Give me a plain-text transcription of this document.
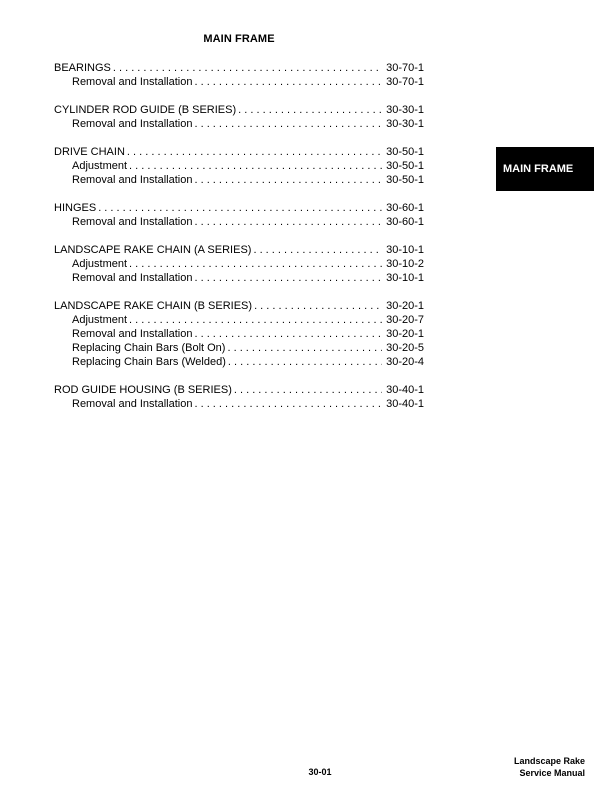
MAIN FRAME
BEARINGS . . .	30-70-1
Removal and Installation . . .	30-70-1
CYLINDER ROD GUIDE (B SERIES) . . .	30-30-1
Removal and Installation . . .	30-30-1
DRIVE CHAIN . . .	30-50-1
Adjustment . . .	30-50-1
Removal and Installation . . .	30-50-1
HINGES . . .	30-60-1
Removal and Installation . . .	30-60-1
LANDSCAPE RAKE CHAIN (A SERIES) . . .	30-10-1
Adjustment . . .	30-10-2
Removal and Installation . . .	30-10-1
LANDSCAPE RAKE CHAIN (B SERIES) . . .	30-20-1
Adjustment . . .	30-20-7
Removal and Installation . . .	30-20-1
Replacing Chain Bars (Bolt On) . . .	30-20-5
Replacing Chain Bars (Welded) . . .	30-20-4
ROD GUIDE HOUSING (B SERIES) . . .	30-40-1
Removal and Installation . . .	30-40-1
MAIN FRAME
30-01
Landscape Rake
Service Manual
